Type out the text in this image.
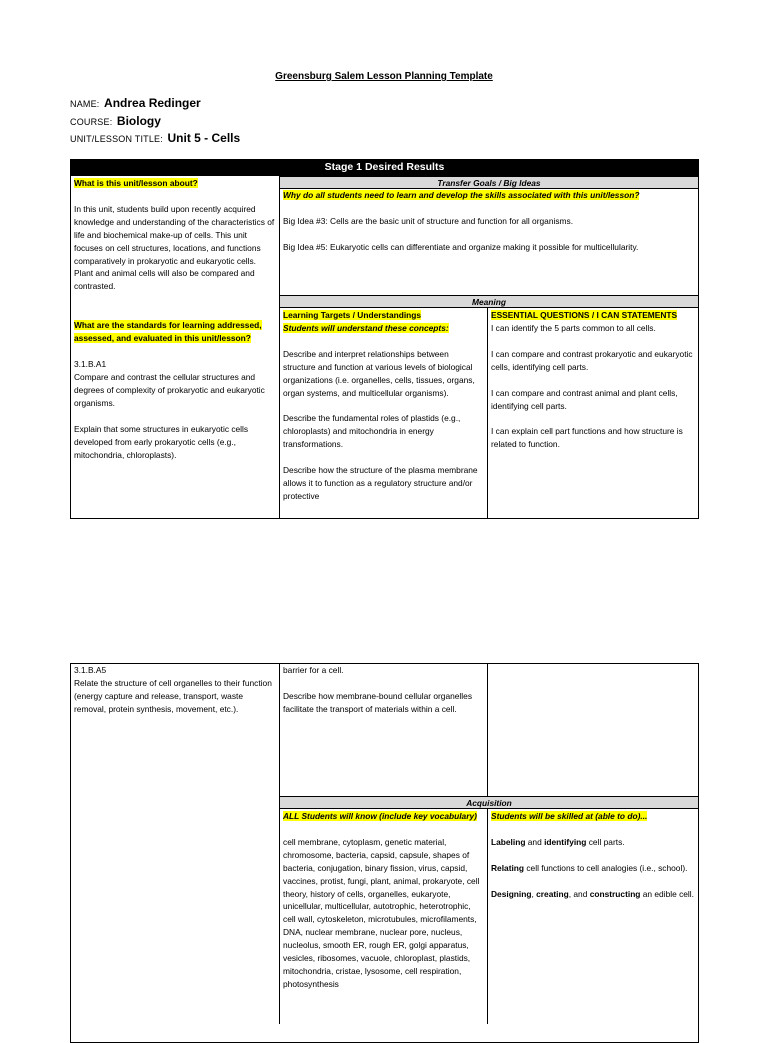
Greensburg Salem Lesson Planning Template
NAME: Andrea Redinger
COURSE: Biology
UNIT/LESSON TITLE: Unit 5 - Cells
Stage 1 Desired Results

What is this unit/lesson about?

In this unit, students build upon recently acquired knowledge and understanding of the characteristics of life and biochemical make-up of cells. This unit focuses on cell structures, locations, and functions comparatively in prokaryotic and eukaryotic cells. Plant and animal cells will also be compared and contrasted.

What are the standards for learning addressed, assessed, and evaluated in this unit/lesson?

3.1.B.A1

Compare and contrast the cellular structures and degrees of complexity of prokaryotic and eukaryotic organisms.

Explain that some structures in eukaryotic cells developed from early prokaryotic cells (e.g., mitochondria, chloroplasts).

Transfer Goals / Big Ideas

Why do all students need to learn and develop the skills associated with this unit/lesson?

Big Idea #3: Cells are the basic unit of structure and function for all organisms.

Big Idea #5: Eukaryotic cells can differentiate and organize making it possible for multicellularity.

Meaning

Learning Targets / Understandings

Students will understand these concepts:

Describe and interpret relationships between structure and function at various levels of biological organizations (i.e. organelles, cells, tissues, organs, organ systems, and multicellular organisms).

Describe the fundamental roles of plastids (e.g., chloroplasts) and mitochondria in energy transformations.

Describe how the structure of the plasma membrane allows it to function as a regulatory structure and/or protective

ESSENTIAL QUESTIONS / I CAN STATEMENTS

I can identify the 5 parts common to all cells.

I can compare and contrast prokaryotic and eukaryotic cells, identifying cell parts.

I can compare and contrast animal and plant cells, identifying cell parts.

I can explain cell part functions and how structure is related to function.

3.1.B.A5

Relate the structure of cell organelles to their function (energy capture and release, transport, waste removal, protein synthesis, movement, etc.).

barrier for a cell.

Describe how membrane-bound cellular organelles facilitate the transport of materials within a cell.

Acquisition

ALL Students will know (include key vocabulary)

cell membrane, cytoplasm, genetic material, chromosome, bacteria, capsid, capsule, shapes of bacteria, conjugation, binary fission, virus, capsid, vaccines, protist, fungi, plant, animal, prokaryote, cell theory, history of cells, organelles, eukaryote, unicellular, multicellular, autotrophic, heterotrophic, cell wall, cytoskeleton, microtubules, microfilaments, DNA, nuclear membrane, nuclear pore, nucleus, nucleolus, smooth ER, rough ER, golgi apparatus, vesicles, ribosomes, vacuole, chloroplast, plastids, mitochondria, cristae, lysosome, cell respiration, photosynthesis

Students will be skilled at (able to do)...

Labeling and identifying cell parts.

Relating cell functions to cell analogies (i.e., school).

Designing, creating, and constructing an edible cell.
